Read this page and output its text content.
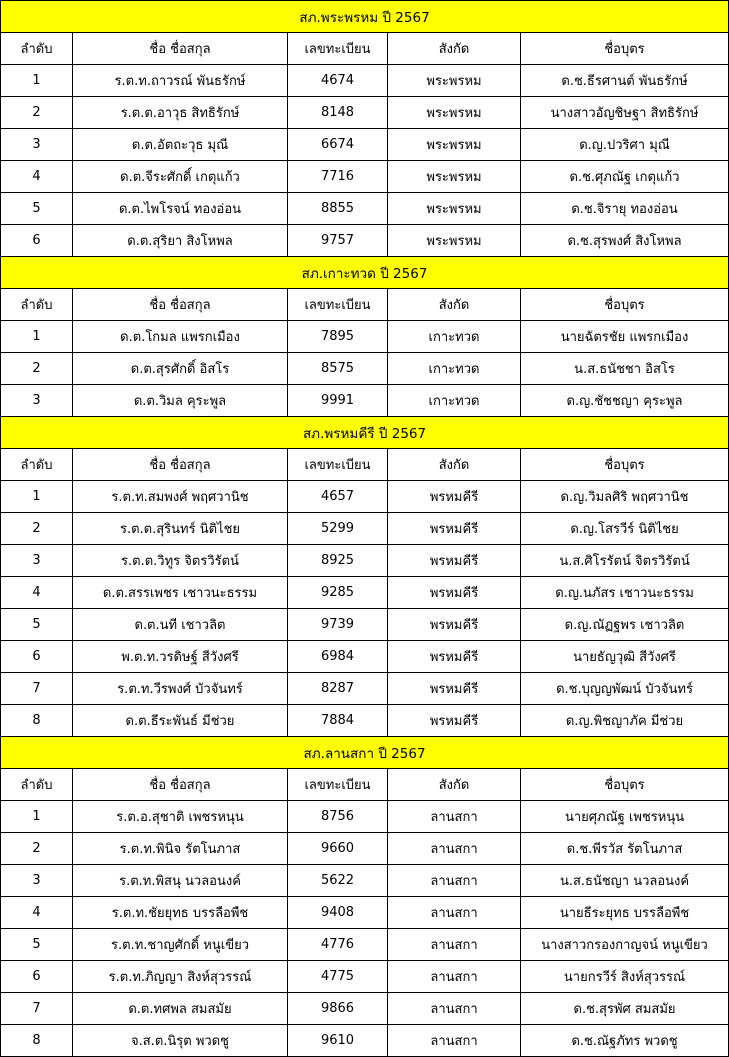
สภ.พระพรหม ปี 2567				
ลำดับ	ชื่อ ชื่อสกุล	เลขทะเบียน	สังกัด	ชื่อบุตร
1	ร.ต.ท.ถาวรณ์ พันธรักษ์	4674	พระพรหม	ด.ช.ธีรศานต์ พันธรักษ์
2	ร.ต.ต.อาวุธ สิทธิรักษ์	8148	พระพรหม	นางสาวอัญชิษฐา สิทธิรักษ์
3	ด.ต.อัตถะวุธ มุณี	6674	พระพรหม	ด.ญ.ปวริศา มุณี
4	ด.ต.จีระศักดิ์ เกตุแก้ว	7716	พระพรหม	ด.ช.ศุภณัฐ เกตุแก้ว
5	ด.ต.ไพโรจน์ ทองอ่อน	8855	พระพรหม	ด.ช.จิรายุ ทองอ่อน
6	ด.ต.สุริยา สิงโหพล	9757	พระพรหม	ด.ช.สุรพงศ์ สิงโหพล
สภ.เกาะทวด ปี 2567				
ลำดับ	ชื่อ ชื่อสกุล	เลขทะเบียน	สังกัด	ชื่อบุตร
1	ด.ต.โกมล แพรกเมือง	7895	เกาะทวด	นายฉัตรชัย แพรกเมือง
2	ด.ต.สุรศักดิ์ อิสโร	8575	เกาะทวด	น.ส.ธนัชชา อิสโร
3	ด.ต.วิมล คุระพูล	9991	เกาะทวด	ด.ญ.ชัชชญา คุระพูล
สภ.พรหมคีรี ปี 2567				
ลำดับ	ชื่อ ชื่อสกุล	เลขทะเบียน	สังกัด	ชื่อบุตร
1	ร.ต.ท.สมพงศ์ พฤศวานิช	4657	พรหมคีรี	ด.ญ.วิมลศิริ พฤศวานิช
2	ร.ต.ต.สุรินทร์ นิติไชย	5299	พรหมคีรี	ด.ญ.โสรวีร์ นิติไชย
3	ร.ต.ต.วิทูร จิตรวิรัตน์	8925	พรหมคีรี	น.ส.ศิโรรัตน์ จิตรวิรัตน์
4	ด.ต.สรรเพชร เชาวนะธรรม	9285	พรหมคีรี	ด.ญ.นภัสร เชาวนะธรรม
5	ด.ต.นที เชาวลิต	9739	พรหมคีรี	ด.ญ.ณัฏฐพร เชาวลิต
6	พ.ต.ท.วรดิษฐ์ สีวังศรี	6984	พรหมคีรี	นายธัญวุฒิ สีวังศรี
7	ร.ต.ท.วีรพงศ์ บัวจันทร์	8287	พรหมคีรี	ด.ช.บุญญพัฒน์ บัวจันทร์
8	ด.ต.ธีระพันธ์ มีช่วย	7884	พรหมคีรี	ด.ญ.พิชญาภัค มีช่วย
สภ.ลานสกา ปี 2567				
ลำดับ	ชื่อ ชื่อสกุล	เลขทะเบียน	สังกัด	ชื่อบุตร
1	ร.ต.อ.สุชาติ เพชรหนุน	8756	ลานสกา	นายศุภณัฐ เพชรหนุน
2	ร.ต.ท.พินิจ รัตโนภาส	9660	ลานสกา	ด.ช.พีรวัส รัตโนภาส
3	ร.ต.ท.พิสนุ นวลอนงค์	5622	ลานสกา	น.ส.ธนัชญา นวลอนงค์
4	ร.ต.ท.ชัยยุทธ บรรลือพืช	9408	ลานสกา	นายธีระยุทธ บรรลือพืช
5	ร.ต.ท.ชาญศักดิ์ หนูเขียว	4776	ลานสกา	นางสาวกรองกาญจน์ หนูเขียว
6	ร.ต.ท.ภิญญา สิงห์สุวรรณ์	4775	ลานสกา	นายกรวีร์ สิงห์สุวรรณ์
7	ด.ต.ทศพล สมสมัย	9866	ลานสกา	ด.ช.สุรพัศ สมสมัย
8	จ.ส.ต.นิรุต พวดชู	9610	ลานสกา	ด.ช.ณัฐภัทร พวดชู
